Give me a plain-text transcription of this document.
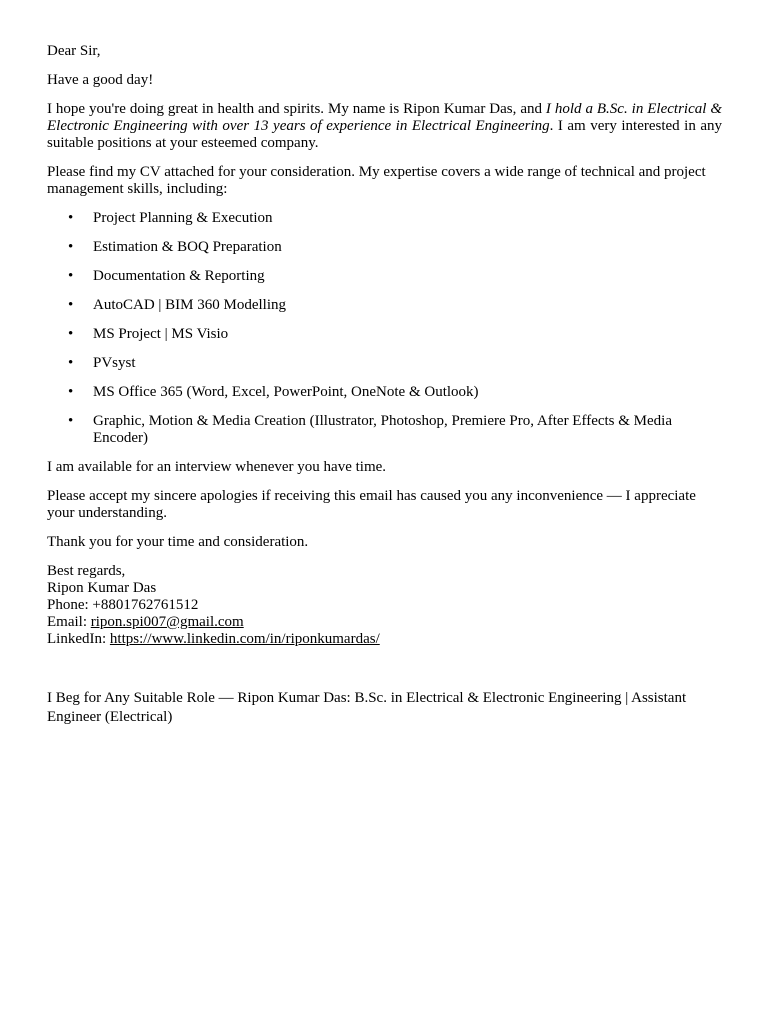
Dear Sir,

Have a good day!

I hope you're doing great in health and spirits. My name is Ripon Kumar Das, and I hold a B.Sc. in Electrical & Electronic Engineering with over 13 years of experience in Electrical Engineering. I am very interested in any suitable positions at your esteemed company.

Please find my CV attached for your consideration. My expertise covers a wide range of technical and project management skills, including:

• Project Planning & Execution
• Estimation & BOQ Preparation
• Documentation & Reporting
• AutoCAD | BIM 360 Modelling
• MS Project | MS Visio
• PVsyst
• MS Office 365 (Word, Excel, PowerPoint, OneNote & Outlook)
• Graphic, Motion & Media Creation (Illustrator, Photoshop, Premiere Pro, After Effects & Media Encoder)

I am available for an interview whenever you have time.

Please accept my sincere apologies if receiving this email has caused you any inconvenience — I appreciate your understanding.

Thank you for your time and consideration.

Best regards,
Ripon Kumar Das
Phone: +8801762761512
Email: ripon.spi007@gmail.com
LinkedIn: https://www.linkedin.com/in/riponkumardas/

I Beg for Any Suitable Role — Ripon Kumar Das: B.Sc. in Electrical & Electronic Engineering | Assistant Engineer (Electrical)
